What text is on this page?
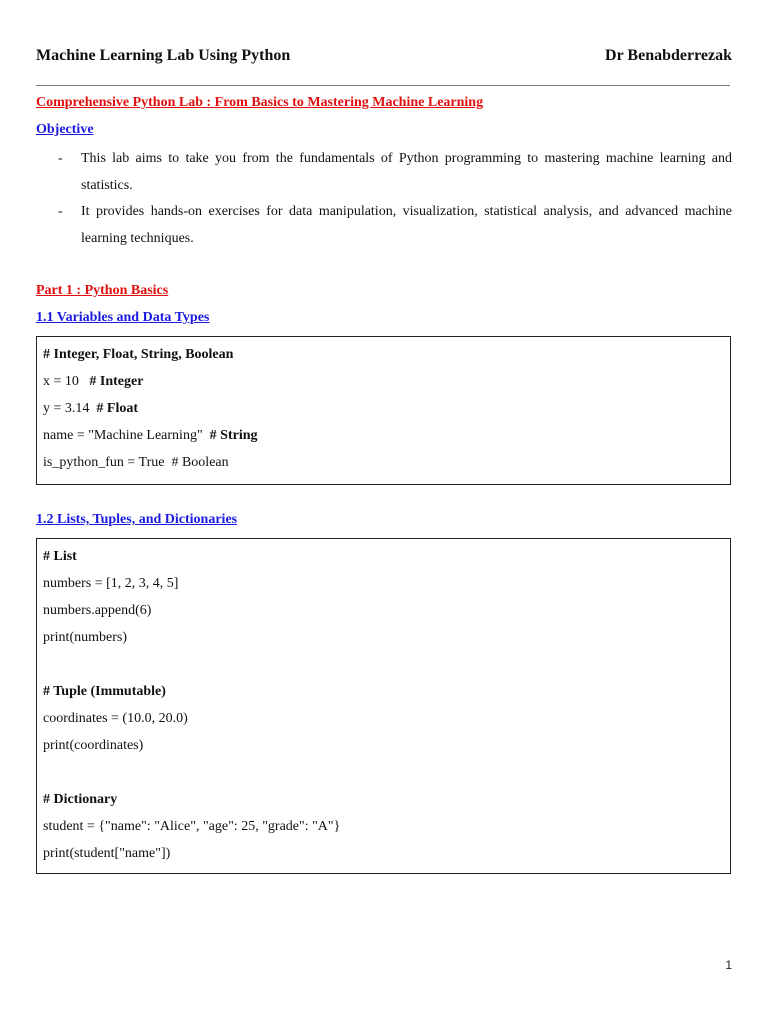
Machine Learning Lab Using Python	Dr Benabderrezak
Comprehensive Python Lab : From Basics to Mastering Machine Learning
Objective
- This lab aims to take you from the fundamentals of Python programming to mastering machine learning and statistics.
- It provides hands-on exercises for data manipulation, visualization, statistical analysis, and advanced machine learning techniques.
Part 1 : Python Basics
1.1 Variables and Data Types
# Integer, Float, String, Boolean
x = 10   # Integer
y = 3.14  # Float
name = "Machine Learning"  # String
is_python_fun = True  # Boolean
1.2 Lists, Tuples, and Dictionaries
# List
numbers = [1, 2, 3, 4, 5]
numbers.append(6)
print(numbers)
# Tuple (Immutable)
coordinates = (10.0, 20.0)
print(coordinates)
# Dictionary
student = {"name": "Alice", "age": 25, "grade": "A"}
print(student["name"])
1
